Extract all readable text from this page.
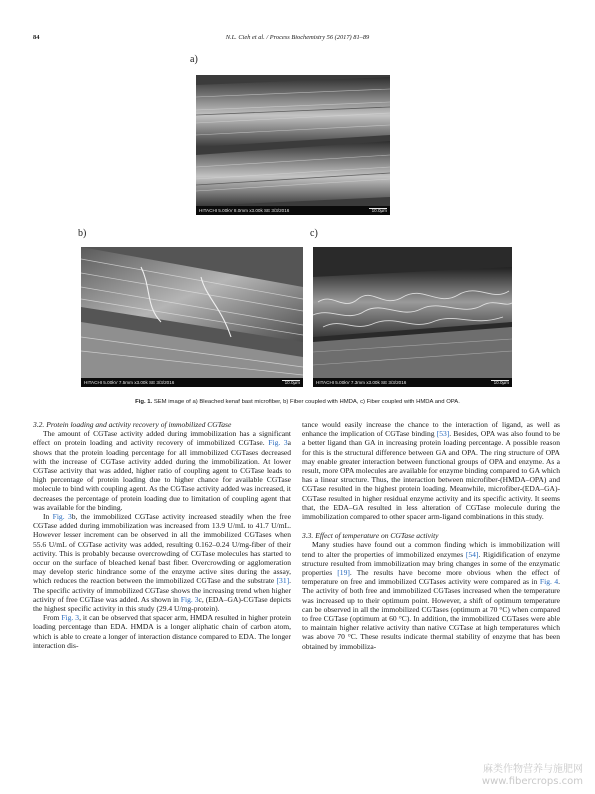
84	N.L. Cieh et al. / Process Biochemistry 56 (2017) 81–89
a)
HITACHI 5.00kV 8.0mm x3.00k SE 3/3/2016	10.0µm
b)
HITACHI 5.00kV 7.5mm x3.00k SE 3/3/2016	10.0µm
c)
HITACHI 5.00kV 7.3mm x3.00k SE 3/3/2016	10.0µm
Fig. 1. SEM image of a) Bleached kenaf bast microfiber, b) Fiber coupled with HMDA, c) Fiber coupled with HMDA and OPA.

3.2. Protein loading and activity recovery of immobilized CGTase

The amount of CGTase activity added during immobilization has a significant effect on protein loading and activity recovery of immobilized CGTase. Fig. 3a shows that the protein loading percentage for all immobilized CGTases decreased with the increase of CGTase activity added during the immobilization. At lower CGTase activity that was added, higher ratio of coupling agent to CGTase leads to high percentage of protein loading due to higher chance for available CGTase molecule to bind with coupling agent. As the CGTase activity added was increased, it decreases the percentage of protein loading due to limitation of coupling agent that was available for the binding.

In Fig. 3b, the immobilized CGTase activity increased steadily when the free CGTase added during immobilization was increased from 13.9 U/mL to 41.7 U/mL. However lesser increment can be observed in all the immobilized CGTases when 55.6 U/mL of CGTase activity was added, resulting 0.162–0.24 U/mg-fiber of their activity. This is probably because overcrowding of CGTase molecules has started to occur on the surface of bleached kenaf bast fiber. Overcrowding or agglomeration may develop steric hindrance some of the enzyme active sites during the assay, which reduces the reaction between the immobilized CGTase and the substrate [31]. The specific activity of immobilized CGTase shows the increasing trend when higher activity of free CGTase was added. As shown in Fig. 3c, (EDA–GA)-CGTase depicts the highest specific activity in this study (29.4 U/mg-protein).

From Fig. 3, it can be observed that spacer arm, HMDA resulted in higher protein loading percentage than EDA. HMDA is a longer aliphatic chain of carbon atom, which is able to create a longer of interaction distance compared to EDA. The longer interaction dis-

tance would easily increase the chance to the interaction of ligand, as well as enhance the implication of CGTase binding [53]. Besides, OPA was also found to be a better ligand than GA in increasing protein loading percentage. A possible reason for this is the structural difference between GA and OPA. The ring structure of OPA may enable greater interaction between functional groups of OPA and enzyme. As a result, more OPA molecules are available for enzyme binding compared to GA which has a linear structure. Thus, the interaction between microfiber-(HMDA–OPA) and CGTase resulted in the highest protein loading. Meanwhile, microfiber-(EDA–GA)-CGTase resulted in higher residual enzyme activity and its specific activity. It seems that, the EDA–GA resulted in less alteration of CGTase molecule during the immobilization compared to other spacer arm-ligand combinations in this study.

3.3. Effect of temperature on CGTase activity

Many studies have found out a common finding which is immobilization will tend to alter the properties of immobilized enzymes [54]. Rigidification of enzyme structure resulted from immobilization may bring changes in some of the enzymatic properties [19]. The results have become more obvious when the effect of temperature on free and immobilized CGTases activity were compared as in Fig. 4. The activity of both free and immobilized CGTases increased when the temperature was increased up to their optimum point. However, a shift of optimum temperature can be observed in all the immobilized CGTases (optimum at 70 °C) when compared to free CGTase (optimum at 60 °C). In addition, the immobilized CGTases were able to maintain higher relative activity than native CGTase at high temperatures which was above 70 °C. These results indicate thermal stability of enzyme that has been obtained by immobiliza-

麻类作物营养与施肥网
www.fibercrops.com
